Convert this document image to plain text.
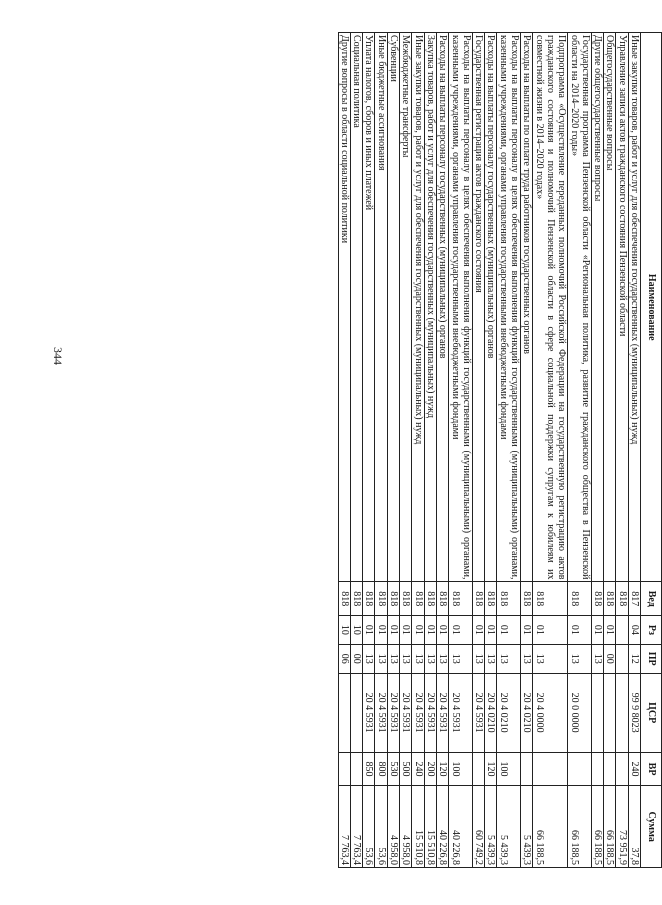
344
Наименование	Вед	Рз	ПР	ЦСР	ВР	Сумма
Иные закупки товаров, работ и услуг для обеспечения государственных (муниципальных) нужд	817	04	12	99 9 8023	240	37,8
Управление записи актов гражданского состояния Пензенской области	818					73 951,9
Общегосударственные вопросы	818	01	00			66 188,5
Другие общегосударственные вопросы	818	01	13			66 188,5
Государственная программа Пензенской области «Региональная политика, развитие гражданского общества в Пензенской области на 2014–2020 годы»	818	01	13	20 0 0000		66 188,5
Подпрограмма «Осуществление переданных полномочий Российской Федерации на государственную регистрацию актов гражданского состояния и полномочий Пензенской области в сфере социальной поддержки супругам к юбилеям их совместной жизни в 2014–2020 годах»	818	01	13	20 4 0000		66 188,5
Расходы на выплаты по оплате труда работников государственных органов	818	01	13	20 4 0210		5 439,3
Расходы на выплаты персоналу в целях обеспечения выполнения функций государственными (муниципальными) органами, казенными учреждениями, органами управления государственными внебюджетными фондами	818	01	13	20 4 0210	100	5 439,3
Расходы на выплаты персоналу государственных (муниципальных) органов	818	01	13	20 4 0210	120	5 439,3
Государственная регистрация актов гражданского состояния	818	01	13	20 4 5931		60 749,2
Расходы на выплаты персоналу в целях обеспечения выполнения функций государственными (муниципальными) органами, казенными учреждениями, органами управления государственными внебюджетными фондами	818	01	13	20 4 5931	100	40 226,8
Расходы на выплаты персоналу государственных (муниципальных) органов	818	01	13	20 4 5931	120	40 226,8
Закупка товаров, работ и услуг для обеспечения государственных (муниципальных) нужд	818	01	13	20 4 5931	200	15 510,8
Иные закупки товаров, работ и услуг для обеспечения государственных (муниципальных) нужд	818	01	13	20 4 5931	240	15 510,8
Межбюджетные трансферты	818	01	13	20 4 5931	500	4 958,0
Субвенции	818	01	13	20 4 5931	530	4 958,0
Иные бюджетные ассигнования	818	01	13	20 4 5931	800	53,6
Уплата налогов, сборов и иных платежей	818	01	13	20 4 5931	850	53,6
Социальная политика	818	10	00			7 763,4
Другие вопросы в области социальной политики	818	10	06			7 763,4
